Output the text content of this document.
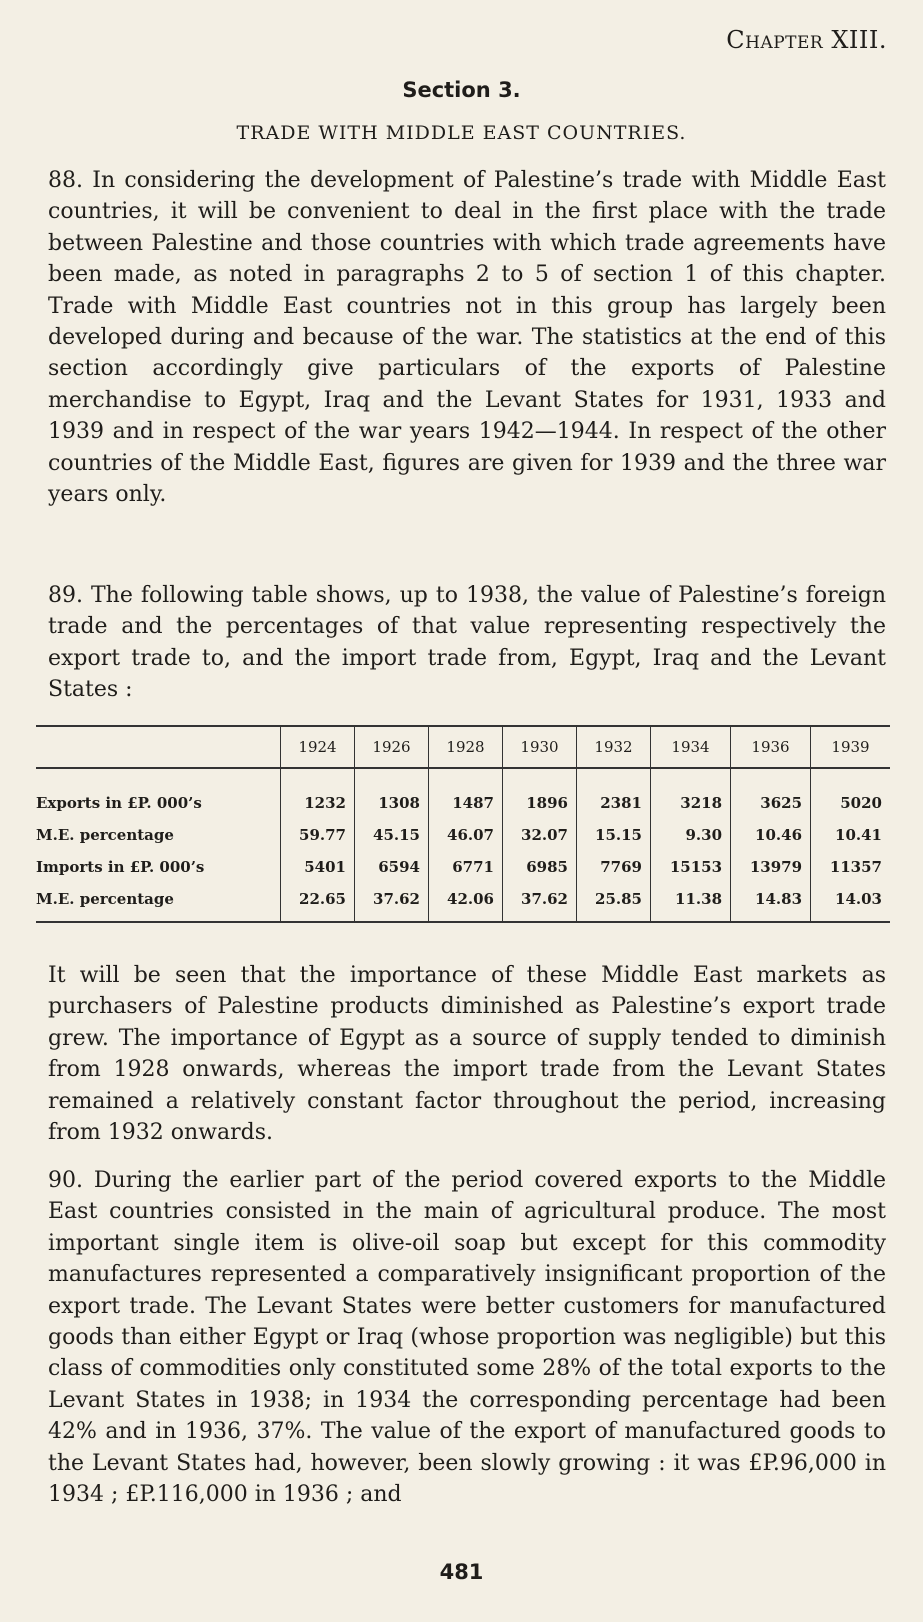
Chapter XIII.
Section 3.
TRADE WITH MIDDLE EAST COUNTRIES.

88. In considering the development of Palestine’s trade with Middle East countries, it will be convenient to deal in the first place with the trade between Palestine and those countries with which trade agreements have been made, as noted in paragraphs 2 to 5 of section 1 of this chapter. Trade with Middle East countries not in this group has largely been developed during and because of the war. The statistics at the end of this section accordingly give particulars of the exports of Palestine merchandise to Egypt, Iraq and the Levant States for 1931, 1933 and 1939 and in respect of the war years 1942—1944. In respect of the other countries of the Middle East, figures are given for 1939 and the three war years only.

89. The following table shows, up to 1938, the value of Palestine’s foreign trade and the percentages of that value representing respectively the export trade to, and the import trade from, Egypt, Iraq and the Levant States :

	1924	1926	1928	1930	1932	1934	1936	1939
Exports in £P. 000’s	1232	1308	1487	1896	2381	3218	3625	5020
M.E. percentage	59.77	45.15	46.07	32.07	15.15	9.30	10.46	10.41
Imports in £P. 000’s	5401	6594	6771	6985	7769	15153	13979	11357
M.E. percentage	22.65	37.62	42.06	37.62	25.85	11.38	14.83	14.03

It will be seen that the importance of these Middle East markets as purchasers of Palestine products diminished as Palestine’s export trade grew. The importance of Egypt as a source of supply tended to diminish from 1928 onwards, whereas the import trade from the Levant States remained a relatively constant factor throughout the period, increasing from 1932 onwards.

90. During the earlier part of the period covered exports to the Middle East countries consisted in the main of agricultural produce. The most important single item is olive-oil soap but except for this commodity manufactures represented a comparatively insignificant proportion of the export trade. The Levant States were better customers for manufactured goods than either Egypt or Iraq (whose proportion was negligible) but this class of commodities only constituted some 28% of the total exports to the Levant States in 1938; in 1934 the corresponding percentage had been 42% and in 1936, 37%. The value of the export of manufactured goods to the Levant States had, however, been slowly growing : it was £P.96,000 in 1934 ; £P.116,000 in 1936 ; and

481
